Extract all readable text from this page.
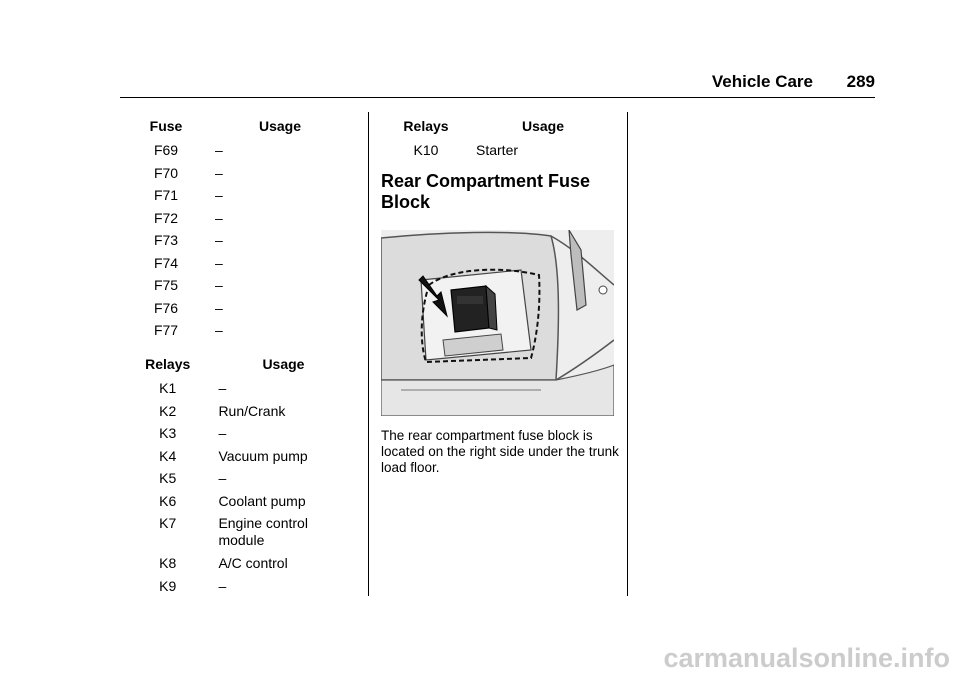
Vehicle Care 289
Fuse	Usage
F69	–
F70	–
F71	–
F72	–
F73	–
F74	–
F75	–
F76	–
F77	–
Relays	Usage
K1	–
K2	Run/Crank
K3	–
K4	Vacuum pump
K5	–
K6	Coolant pump
K7	Engine control module
K8	A/C control
K9	–
Relays	Usage
K10	Starter
Rear Compartment Fuse Block
The rear compartment fuse block is located on the right side under the trunk load floor.
carmanualsonline.info
